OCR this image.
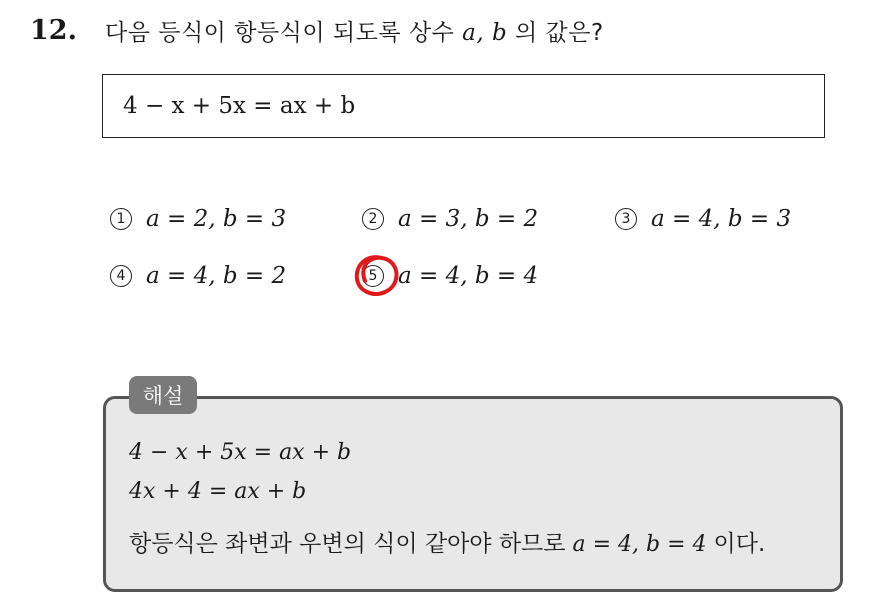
12.	다음 등식이 항등식이 되도록 상수 a, b 의 값은?
4 − x + 5x = ax + b
1 a = 2, b = 3	2 a = 3, b = 2	3 a = 4, b = 3
4 a = 4, b = 2	5 a = 4, b = 4
해설
4 − x + 5x = ax + b
4x + 4 = ax + b
항등식은 좌변과 우변의 식이 같아야 하므로 a = 4, b = 4 이다.
